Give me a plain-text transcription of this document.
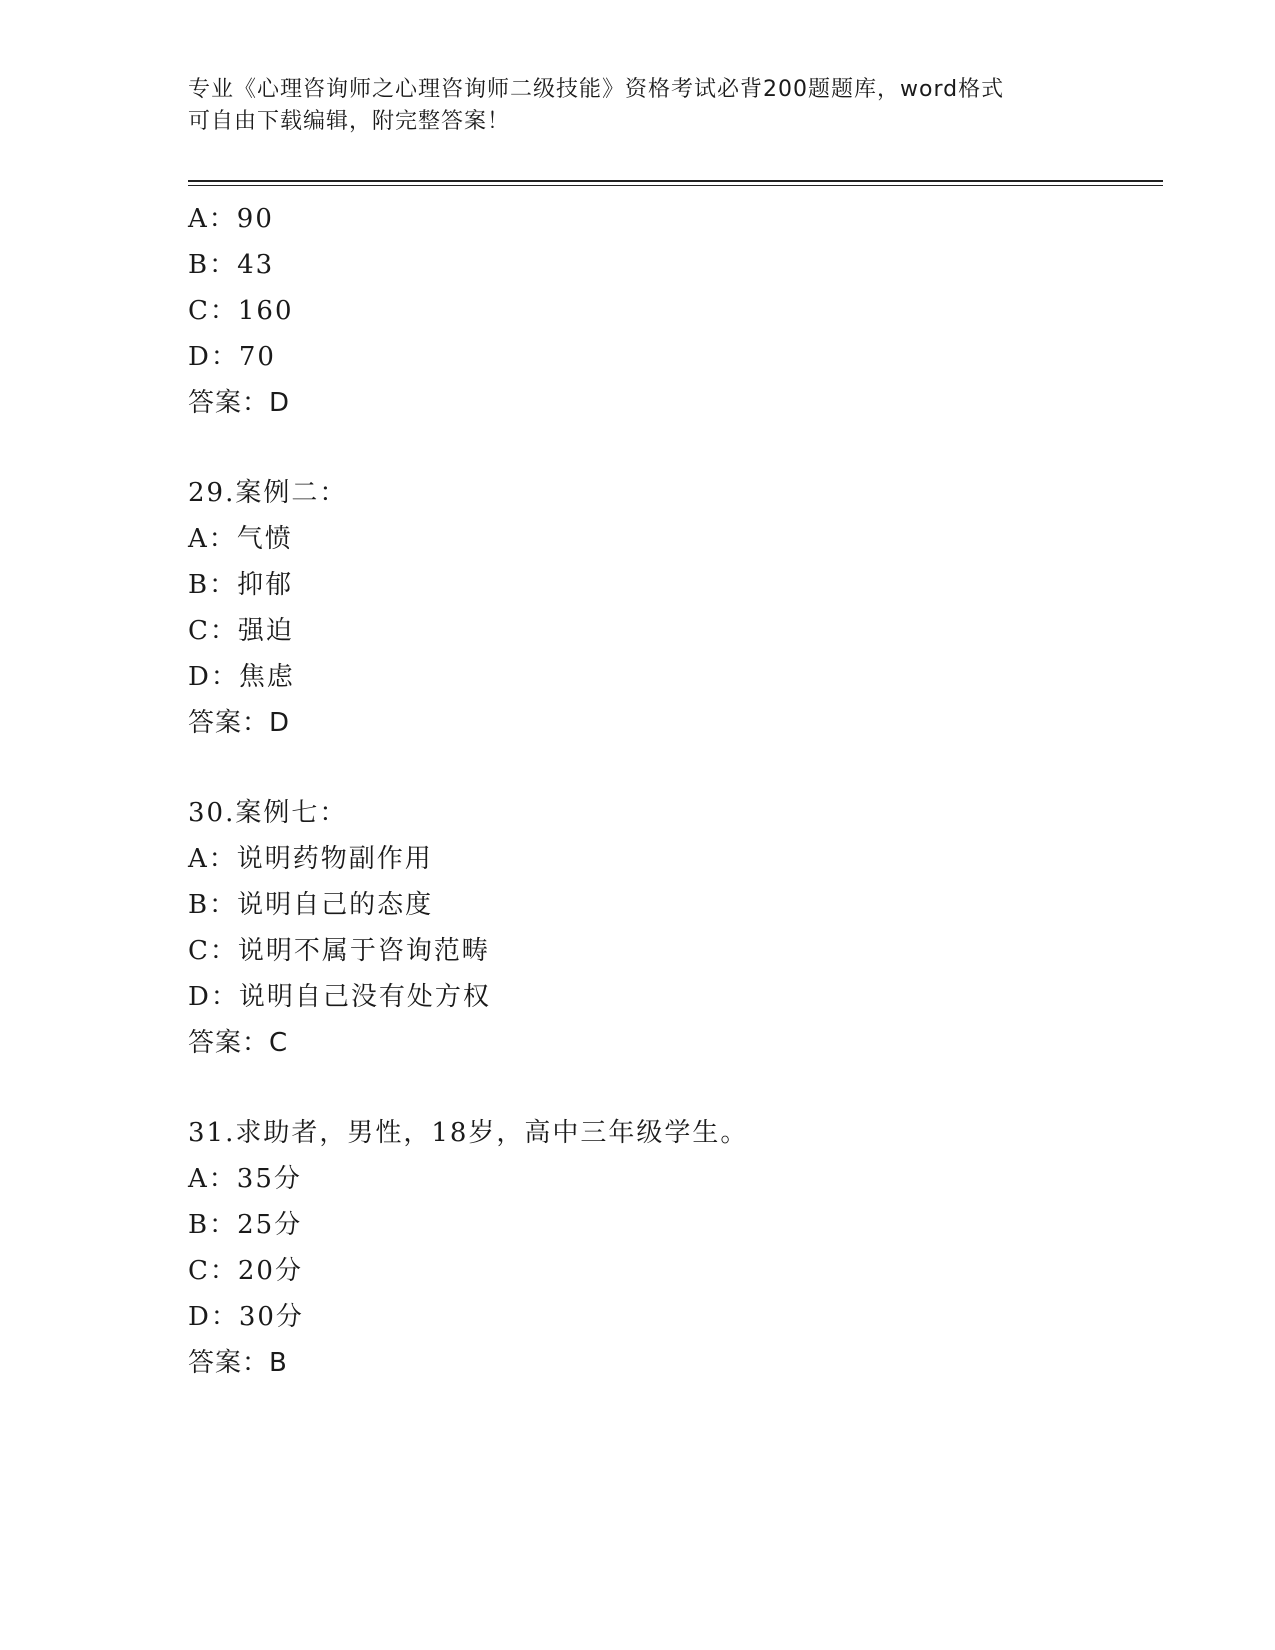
专业《心理咨询师之心理咨询师二级技能》资格考试必背200题题库，word格式
可自由下载编辑，附完整答案！
A：90
B：43
C：160
D：70
答案：D
29.案例二：
A：气愤
B：抑郁
C：强迫
D：焦虑
答案：D
30.案例七：
A：说明药物副作用
B：说明自己的态度
C：说明不属于咨询范畴
D：说明自己没有处方权
答案：C
31.求助者，男性，18岁，高中三年级学生。
A：35分
B：25分
C：20分
D：30分
答案：B
